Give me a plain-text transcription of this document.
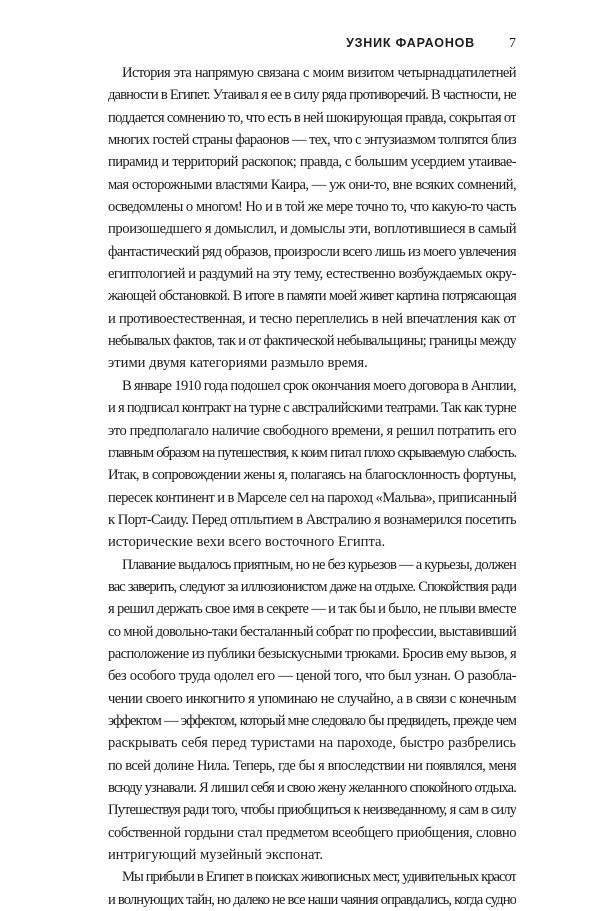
УЗНИК ФАРАОНОВ 7
История эта напрямую связана с моим визитом четырнадцатилетней
давности в Египет. Утаивал я ее в силу ряда противоречий. В частности, не
поддается сомнению то, что есть в ней шокирующая правда, сокрытая от
многих гостей страны фараонов — тех, что с энтузиазмом толпятся близ
пирамид и территорий раскопок; правда, с большим усердием утаивае-
мая осторожными властями Каира, — уж они-то, вне всяких сомнений,
осведомлены о многом! Но и в той же мере точно то, что какую-то часть
произошедшего я домыслил, и домыслы эти, воплотившиеся в самый
фантастический ряд образов, произросли всего лишь из моего увлечения
египтологией и раздумий на эту тему, естественно возбуждаемых окру-
жающей обстановкой. В итоге в памяти моей живет картина потрясающая
и противоестественная, и тесно переплелись в ней впечатления как от
небывалых фактов, так и от фактической небывальщины; границы между
этими двумя категориями размыло время.
В январе 1910 года подошел срок окончания моего договора в Англии,
и я подписал контракт на турне с австралийскими театрами. Так как турне
это предполагало наличие свободного времени, я решил потратить его
главным образом на путешествия, к коим питал плохо скрываемую слабость.
Итак, в сопровождении жены я, полагаясь на благосклонность фортуны,
пересек континент и в Марселе сел на пароход «Мальва», приписанный
к Порт-Саиду. Перед отплытием в Австралию я вознамерился посетить
исторические вехи всего восточного Египта.
Плавание выдалось приятным, но не без курьезов — а курьезы, должен
вас заверить, следуют за иллюзионистом даже на отдыхе. Спокойствия ради
я решил держать свое имя в секрете — и так бы и было, не плыви вместе
со мной довольно-таки бесталанный собрат по профессии, выставивший
расположение из публики безыскусными трюками. Бросив ему вызов, я
без особого труда одолел его — ценой того, что был узнан. О разобла-
чении своего инкогнито я упоминаю не случайно, а в связи с конечным
эффектом — эффектом, который мне следовало бы предвидеть, прежде чем
раскрывать себя перед туристами на пароходе, быстро разбрелись
по всей долине Нила. Теперь, где бы я впоследствии ни появлялся, меня
всюду узнавали. Я лишил себя и свою жену желанного спокойного отдыха.
Путешествуя ради того, чтобы приобщиться к неизведанному, я сам в силу
собственной гордыни стал предметом всеобщего приобщения, словно
интригующий музейный экспонат.
Мы прибыли в Египет в поисках живописных мест, удивительных красот
и волнующих тайн, но далеко не все наши чаяния оправдались, когда судно
